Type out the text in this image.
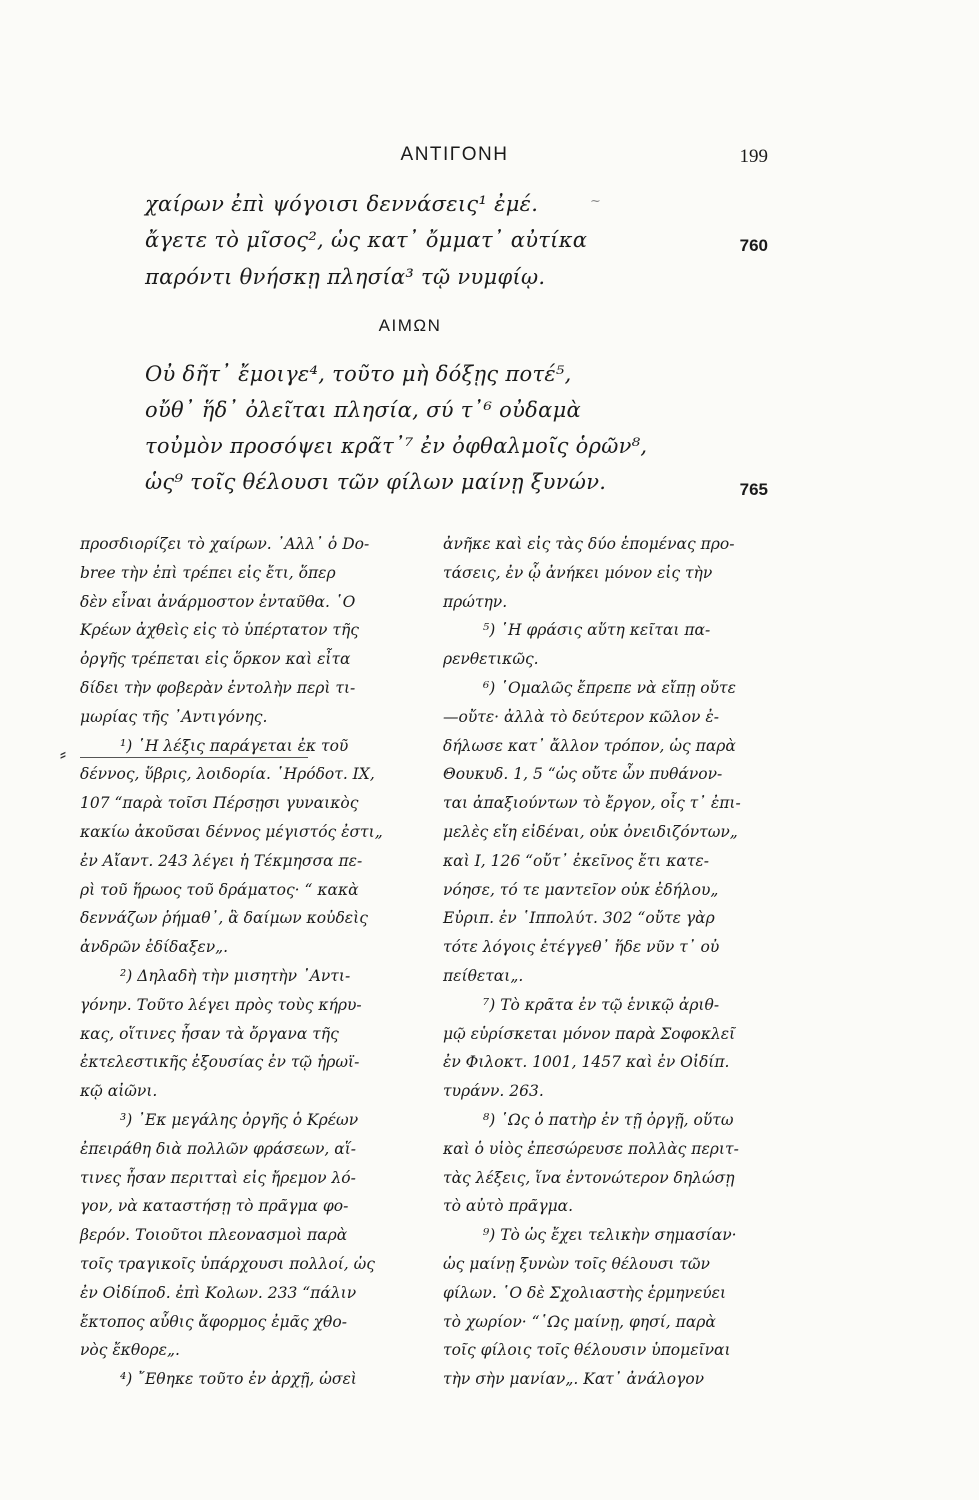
ΑΝΤΙΓΟΝΗ	199
χαίρων ἐπὶ ψόγοισι δεννάσεις¹ ἐμέ.
ἄγετε τὸ μῖσος², ὡς κατ᾿ ὄμματ᾿ αὐτίκα
παρόντι θνήσκῃ πλησία³ τῷ νυμφίῳ.
760
ΑΙΜΩΝ
Οὐ δῆτ᾿ ἔμοιγε⁴, τοῦτο μὴ δόξῃς ποτέ⁵,
οὔθ᾿ ἥδ᾿ ὀλεῖται πλησία, σύ τ᾿⁶ οὐδαμὰ
τοὐμὸν προσόψει κρᾶτ᾿⁷ ἐν ὀφθαλμοῖς ὁρῶν⁸,
ὡς⁹ τοῖς θέλουσι τῶν φίλων μαίνῃ ξυνών.	765
~
⸗
προσδιορίζει τὸ χαίρων. ᾿Αλλ᾿ ὁ Do-
bree τὴν ἐπὶ τρέπει εἰς ἔτι, ὅπερ
δὲν εἶναι ἀνάρμοστον ἐνταῦθα. ῾Ο
Κρέων ἀχθεὶς εἰς τὸ ὑπέρτατον τῆς
ὀργῆς τρέπεται εἰς ὅρκον καὶ εἶτα
δίδει τὴν φοβερὰν ἐντολὴν περὶ τι-
μωρίας τῆς ᾿Αντιγόνης.
¹) ῾Η λέξις παράγεται ἐκ τοῦ
δέννος, ὕβρις, λοιδορία. ῾Ηρόδοτ. IX,
107 “παρὰ τοῖσι Πέρσῃσι γυναικὸς
κακίω ἀκοῦσαι δέννος μέγιστός ἐστι„
ἐν Αἴαντ. 243 λέγει ἡ Τέκμησσα πε-
ρὶ τοῦ ἥρωος τοῦ δράματος· “ κακὰ
δεννάζων ῥήμαθ᾿, ἃ δαίμων κοὐδεὶς
ἀνδρῶν ἐδίδαξεν„.
²) Δηλαδὴ τὴν μισητὴν ᾿Αντι-
γόνην. Τοῦτο λέγει πρὸς τοὺς κήρυ-
κας, οἵτινες ἦσαν τὰ ὄργανα τῆς
ἐκτελεστικῆς ἐξουσίας ἐν τῷ ἡρωϊ-
κῷ αἰῶνι.
³) ᾿Εκ μεγάλης ὀργῆς ὁ Κρέων
ἐπειράθη διὰ πολλῶν φράσεων, αἵ-
τινες ἦσαν περιτταὶ εἰς ἤρεμον λό-
γον, νὰ καταστήσῃ τὸ πρᾶγμα φο-
βερόν. Τοιοῦτοι πλεονασμοὶ παρὰ
τοῖς τραγικοῖς ὑπάρχουσι πολλοί, ὡς
ἐν Οἰδίποδ. ἐπὶ Κολων. 233 “πάλιν
ἔκτοπος αὖθις ἄφορμος ἐμᾶς χθο-
νὸς ἔκθορε„.
⁴) ῎Εθηκε τοῦτο ἐν ἀρχῇ, ὡσεὶ
ἀνῆκε καὶ εἰς τὰς δύο ἑπομένας προ-
τάσεις, ἐν ᾧ ἀνήκει μόνον εἰς τὴν
πρώτην.
⁵) ῾Η φράσις αὕτη κεῖται πα-
ρενθετικῶς.
⁶) ῾Ομαλῶς ἔπρεπε νὰ εἴπῃ οὔτε
—οὔτε· ἀλλὰ τὸ δεύτερον κῶλον ἐ-
δήλωσε κατ᾿ ἄλλον τρόπον, ὡς παρὰ
Θουκυδ. 1, 5 “ὡς οὔτε ὧν πυθάνον-
ται ἀπαξιούντων τὸ ἔργον, οἷς τ᾿ ἐπι-
μελὲς εἴη εἰδέναι, οὐκ ὀνειδιζόντων„
καὶ Ι, 126 “οὔτ᾿ ἐκεῖνος ἔτι κατε-
νόησε, τό τε μαντεῖον οὐκ ἐδήλου„
Εὐριπ. ἐν ῾Ιππολύτ. 302 “οὔτε γὰρ
τότε λόγοις ἐτέγγεθ᾿ ἥδε νῦν τ᾿ οὐ
πείθεται„.
⁷) Τὸ κρᾶτα ἐν τῷ ἑνικῷ ἀριθ-
μῷ εὑρίσκεται μόνον παρὰ Σοφοκλεῖ
ἐν Φιλοκτ. 1001, 1457 καὶ ἐν Οἰδίπ.
τυράνν. 263.
⁸) ῾Ως ὁ πατὴρ ἐν τῇ ὀργῇ, οὕτω
καὶ ὁ υἱὸς ἐπεσώρευσε πολλὰς περιτ-
τὰς λέξεις, ἵνα ἐντονώτερον δηλώσῃ
τὸ αὐτὸ πρᾶγμα.
⁹) Τὸ ὡς ἔχει τελικὴν σημασίαν·
ὡς μαίνῃ ξυνὼν τοῖς θέλουσι τῶν
φίλων. ῾Ο δὲ Σχολιαστὴς ἑρμηνεύει
τὸ χωρίον· “῾Ως μαίνῃ, φησί, παρὰ
τοῖς φίλοις τοῖς θέλουσιν ὑπομεῖναι
τὴν σὴν μανίαν„. Κατ᾿ ἀνάλογον
